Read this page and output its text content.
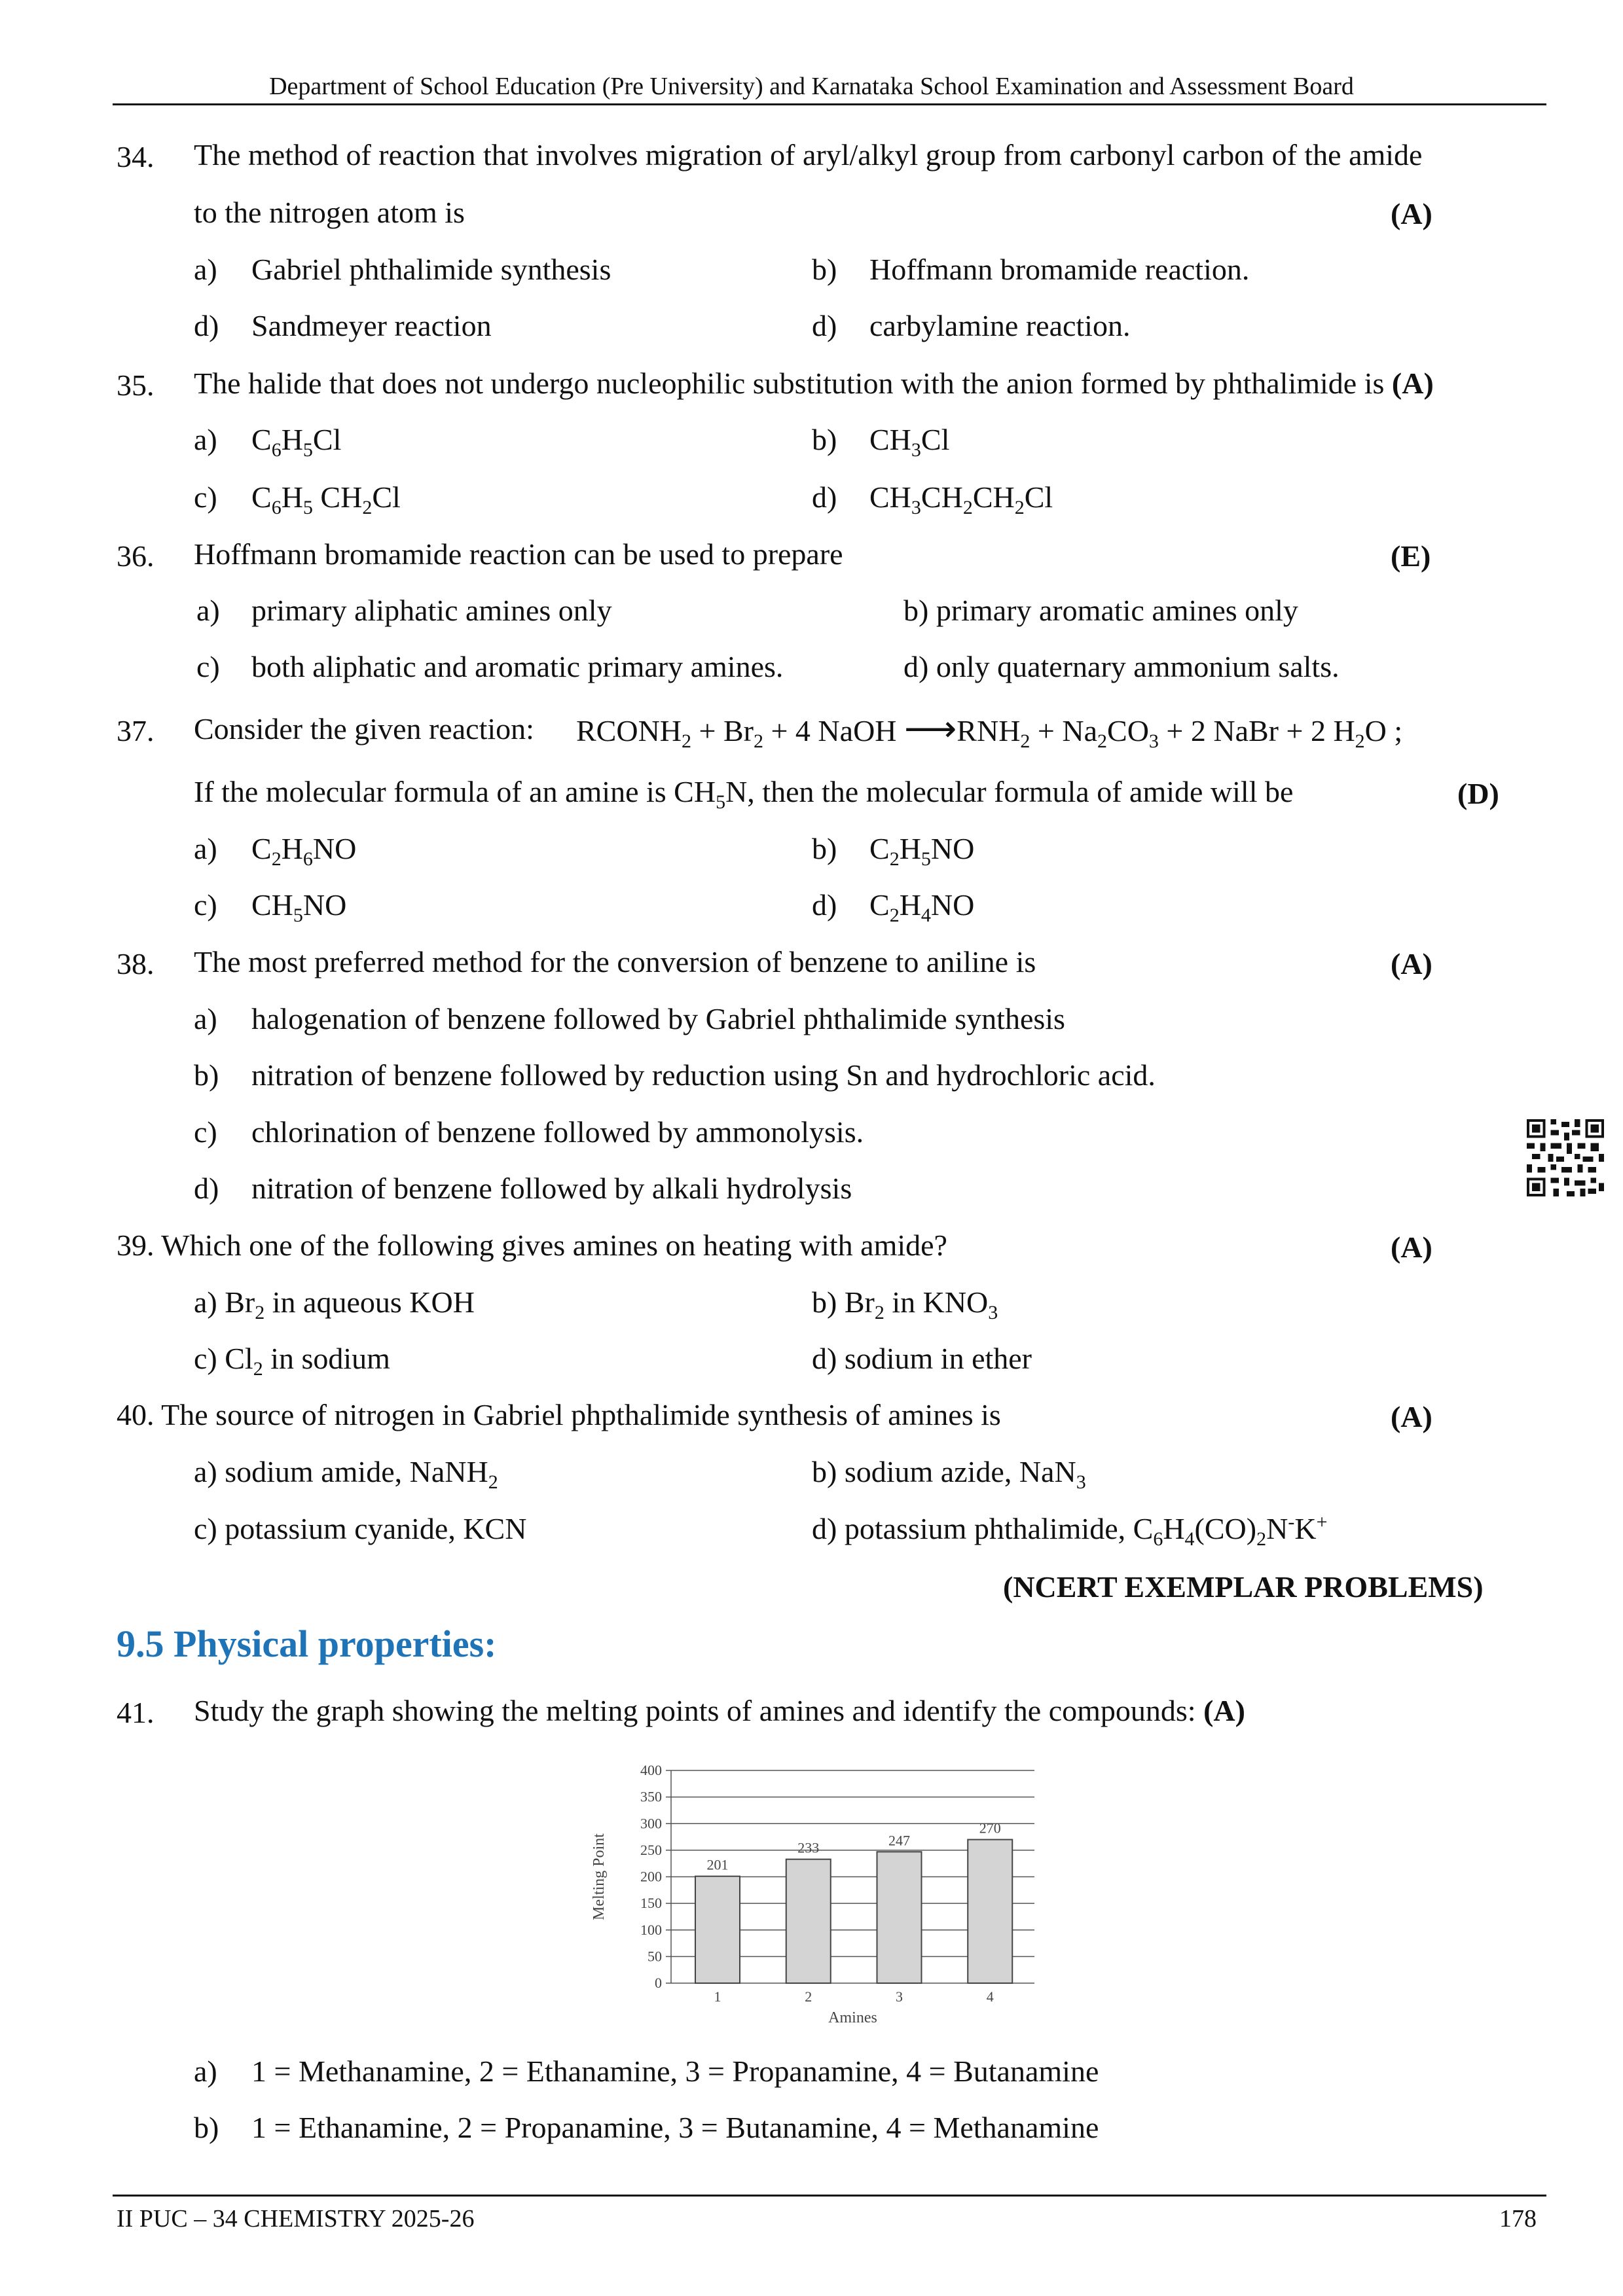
Department of School Education (Pre University) and Karnataka School Examination and Assessment Board
34. The method of reaction that involves migration of aryl/alkyl group from carbonyl carbon of the amide
to the nitrogen atom is	(A)
a) Gabriel phthalimide synthesis	b) Hoffmann bromamide reaction.
d) Sandmeyer reaction	d) carbylamine reaction.
35. The halide that does not undergo nucleophilic substitution with the anion formed by phthalimide is (A)
a) $C_6H_5Cl$	b) $CH_3Cl$
c) $C_6H_5$ $CH_2Cl$	d) $CH_3CH_2CH_2Cl$
36. Hoffmann bromamide reaction can be used to prepare	(E)
a) primary aliphatic amines only	b) primary aromatic amines only
c) both aliphatic and aromatic primary amines.	d) only quaternary ammonium salts.
37. Consider the given reaction: $RCONH_2 + Br_2 + 4$ NaOH $⟶RNH_2 + Na_2CO_3 + 2$ NaBr + 2 $H_2O$ ;
If the molecular formula of an amine is $CH_5N$, then the molecular formula of amide will be	(D)
a) $C_2H_6NO$	b) $C_2H_5NO$
c) $CH_5NO$	d) $C_2H_4NO$
38. The most preferred method for the conversion of benzene to aniline is	(A)
a) halogenation of benzene followed by Gabriel phthalimide synthesis
b) nitration of benzene followed by reduction using Sn and hydrochloric acid.
c) chlorination of benzene followed by ammonolysis.
d) nitration of benzene followed by alkali hydrolysis
39. Which one of the following gives amines on heating with amide?	(A)
a) $Br_2$ in aqueous KOH	b) $Br_2$ in $KNO_3$
c) $Cl_2$ in sodium	d) sodium in ether
40. The source of nitrogen in Gabriel phpthalimide synthesis of amines is	(A)
a) sodium amide, NaNH$_2$	b) sodium azide, NaN$_3$
c) potassium cyanide, KCN	d) potassium phthalimide, $C_6H_4(CO)_2N^-K^+$
(NCERT EXEMPLAR PROBLEMS)
9.5 Physical properties:
41. Study the graph showing the melting points of amines and identify the compounds: (A)
0
50
100
150
200
250
300
350
400
201
1
233
2
247
3
270
4
Amines
Melting Point
a) 1 = Methanamine, 2 = Ethanamine, 3 = Propanamine, 4 = Butanamine
b) 1 = Ethanamine, 2 = Propanamine, 3 = Butanamine, 4 = Methanamine
II PUC – 34 CHEMISTRY 2025-26	178
